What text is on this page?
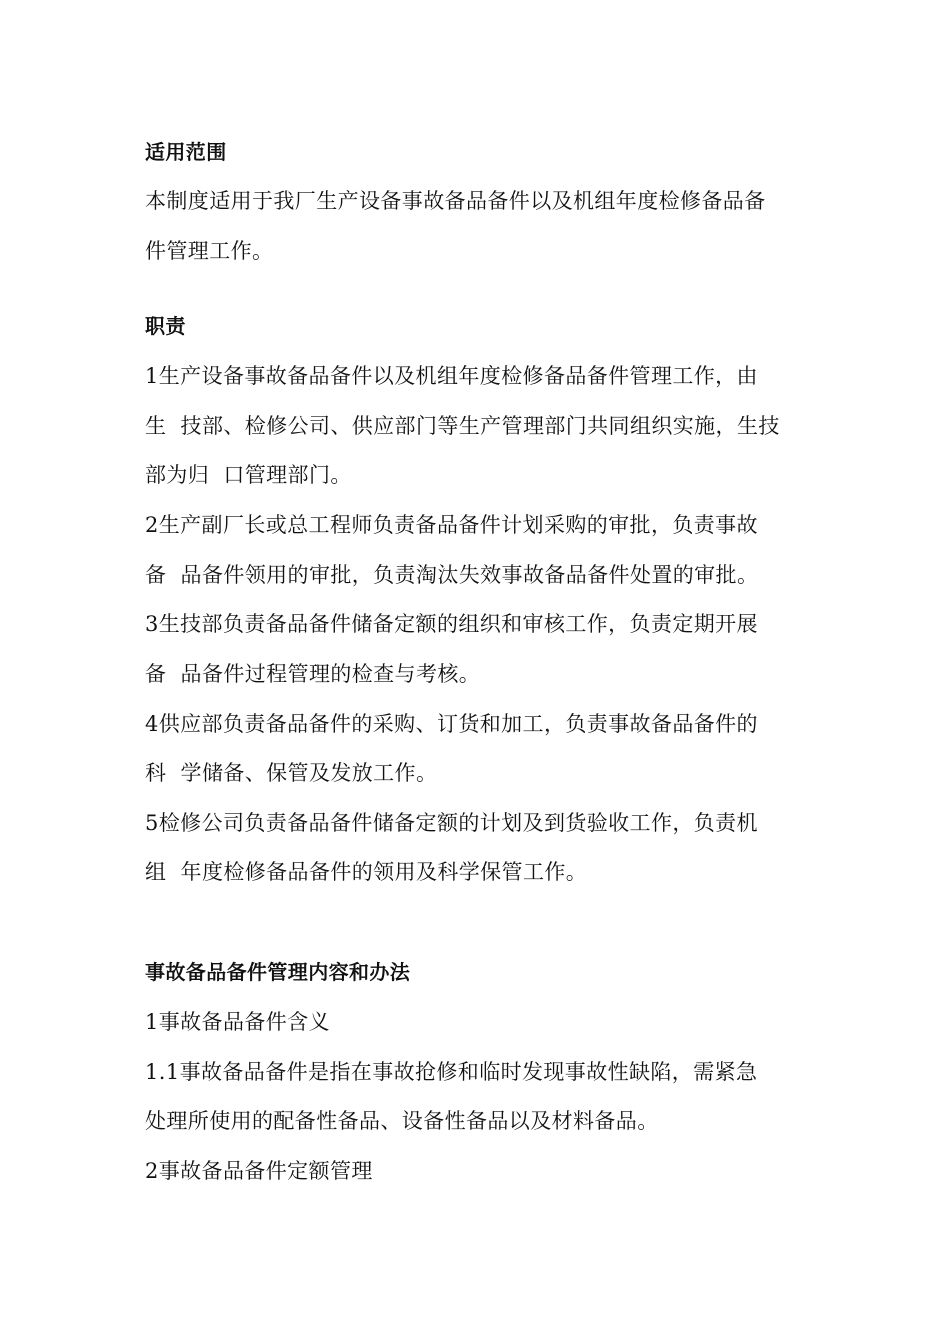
适用范围
本制度适用于我厂生产设备事故备品备件以及机组年度检修备品备
件管理工作。
职责
1生产设备事故备品备件以及机组年度检修备品备件管理工作，由
生  技部、检修公司、供应部门等生产管理部门共同组织实施，生技
部为归  口管理部门。
2生产副厂长或总工程师负责备品备件计划采购的审批，负责事故
备  品备件领用的审批，负责淘汰失效事故备品备件处置的审批。
3生技部负责备品备件储备定额的组织和审核工作，负责定期开展
备  品备件过程管理的检查与考核。
4供应部负责备品备件的采购、订货和加工，负责事故备品备件的
科  学储备、保管及发放工作。
5检修公司负责备品备件储备定额的计划及到货验收工作，负责机
组  年度检修备品备件的领用及科学保管工作。
事故备品备件管理内容和办法
1事故备品备件含义
1.1事故备品备件是指在事故抢修和临时发现事故性缺陷，需紧急
处理所使用的配备性备品、设备性备品以及材料备品。
2事故备品备件定额管理
